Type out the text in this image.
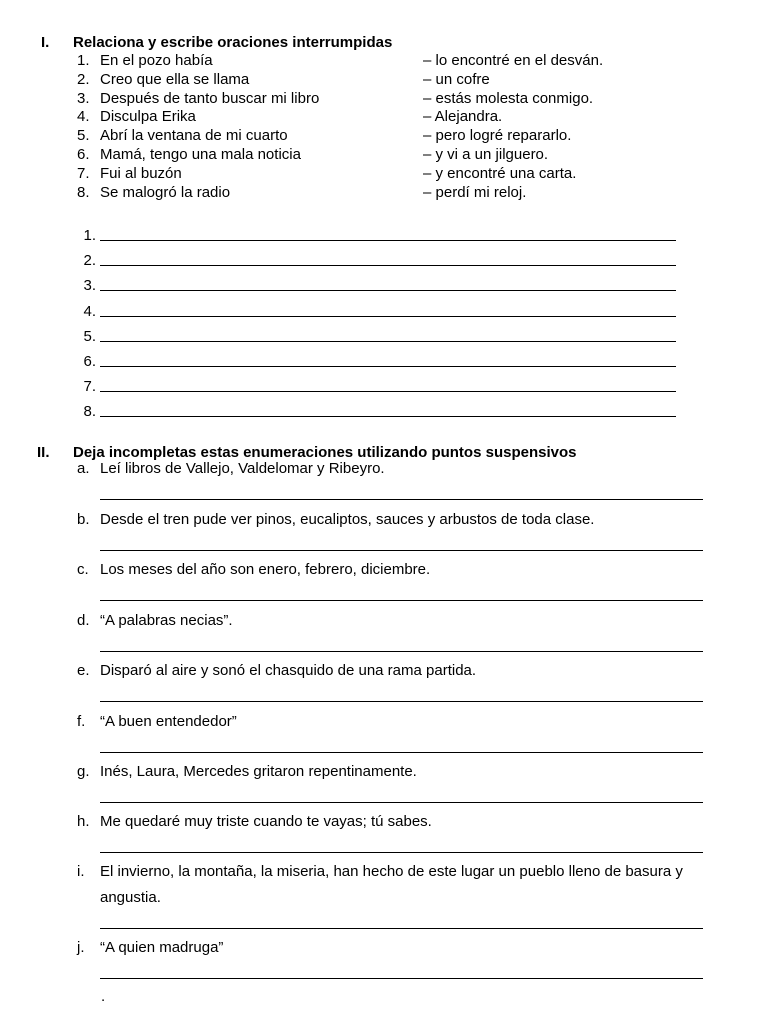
I. Relaciona y escribe oraciones interrumpidas
1. En el pozo había	– lo encontré en el desván.
2. Creo que ella se llama	– un cofre
3. Después de tanto buscar mi libro	– estás molesta conmigo.
4. Disculpa Erika	– Alejandra.
5. Abrí la ventana de mi cuarto	– pero logré repararlo.
6. Mamá, tengo una mala noticia	– y vi a un jilguero.
7. Fui al buzón	– y encontré una carta.
8. Se malogró la radio	– perdí mi reloj.
1.
2.
3.
4.
5.
6.
7.
8.
II. Deja incompletas estas enumeraciones utilizando puntos suspensivos
a. Leí libros de Vallejo, Valdelomar y Ribeyro.
b. Desde el tren pude ver pinos, eucaliptos, sauces y arbustos de toda clase.
c. Los meses del año son enero, febrero, diciembre.
d. “A palabras necias”.
e. Disparó al aire y sonó el chasquido de una rama partida.
f. “A buen entendedor”
g. Inés, Laura, Mercedes gritaron repentinamente.
h. Me quedaré muy triste cuando te vayas; tú sabes.
i. El invierno, la montaña, la miseria, han hecho de este lugar un pueblo lleno de basura y angustia.
j. “A quien madruga”
.
